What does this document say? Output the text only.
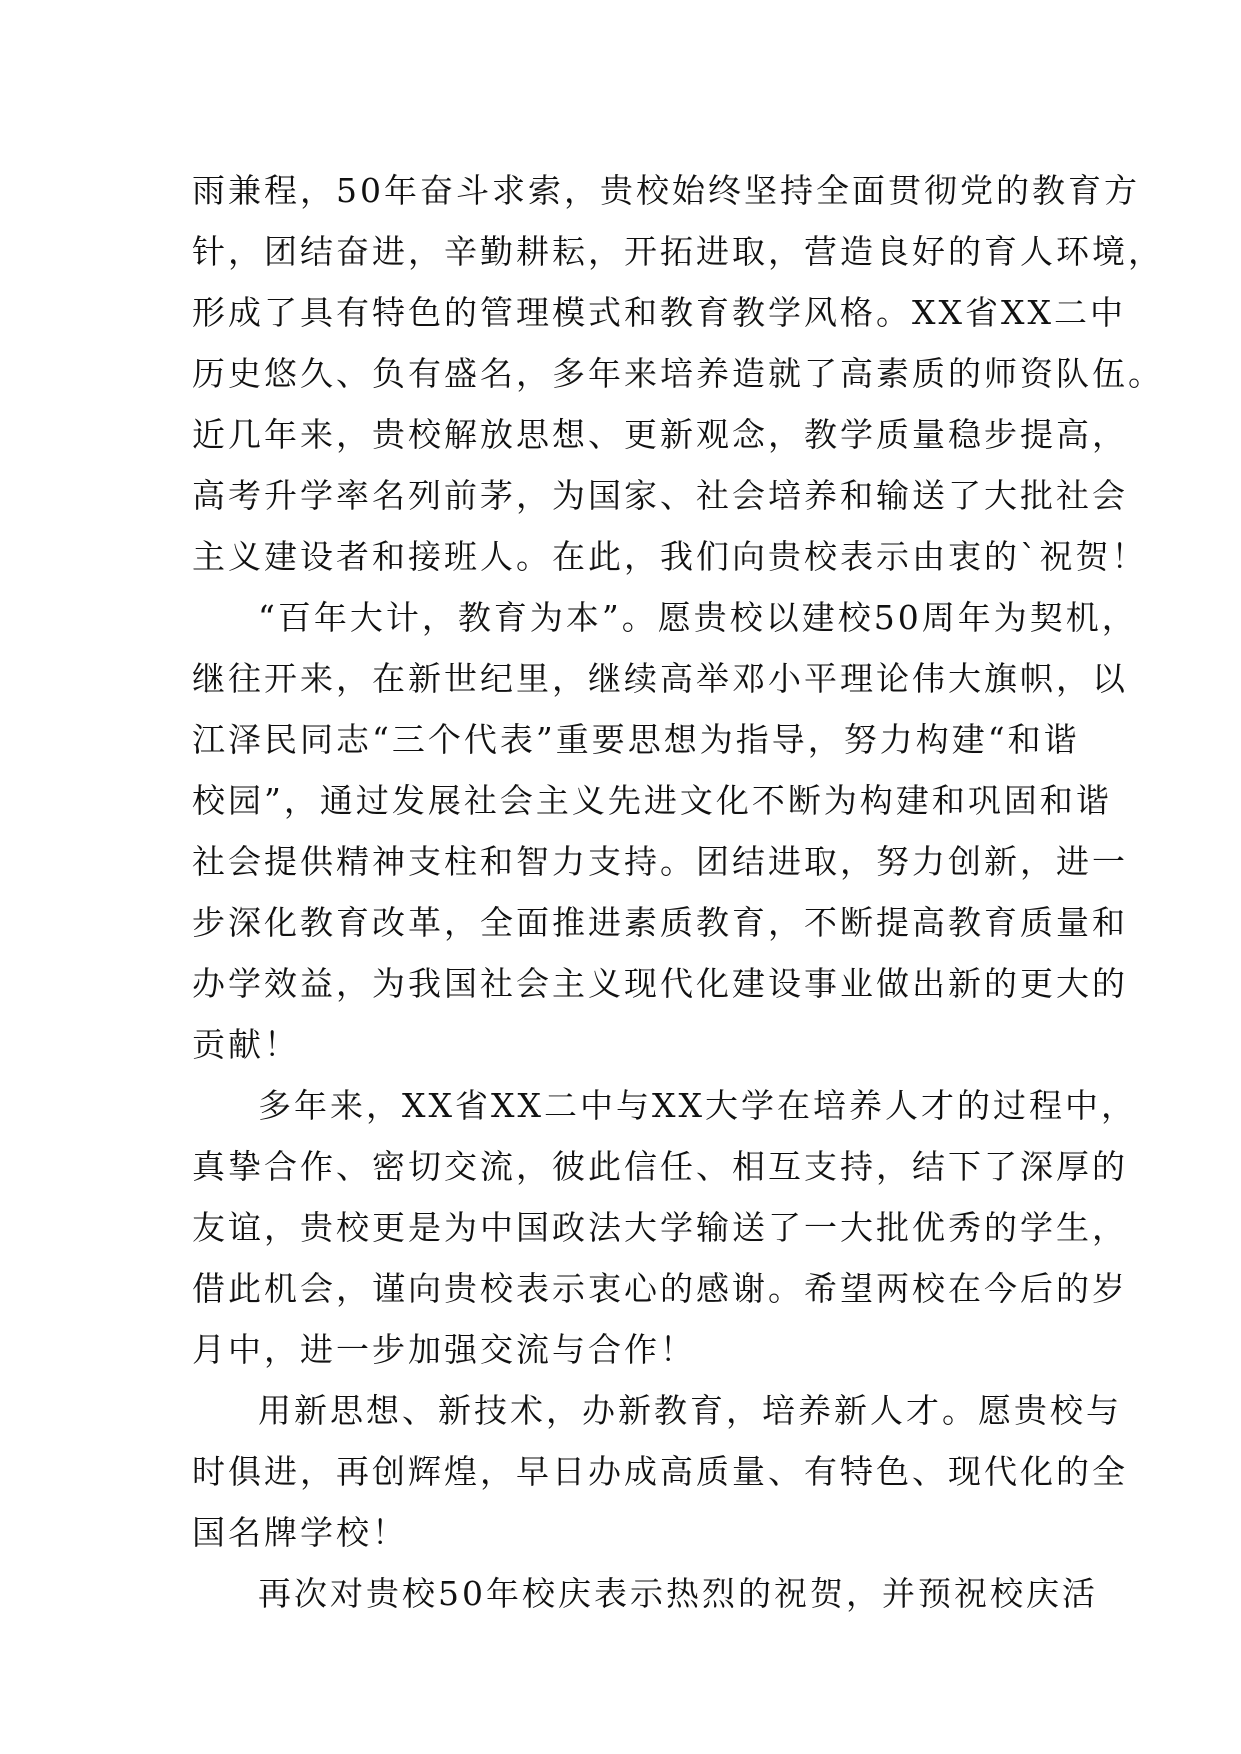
雨兼程，50年奋斗求索，贵校始终坚持全面贯彻党的教育方
针，团结奋进，辛勤耕耘，开拓进取，营造良好的育人环境，
形成了具有特色的管理模式和教育教学风格。XX省XX二中
历史悠久、负有盛名，多年来培养造就了高素质的师资队伍。
近几年来，贵校解放思想、更新观念，教学质量稳步提高，
高考升学率名列前茅，为国家、社会培养和输送了大批社会
主义建设者和接班人。在此，我们向贵校表示由衷的`祝贺！
“百年大计，教育为本”。愿贵校以建校50周年为契机，
继往开来，在新世纪里，继续高举邓小平理论伟大旗帜，以
江泽民同志“三个代表”重要思想为指导，努力构建“和谐
校园”，通过发展社会主义先进文化不断为构建和巩固和谐
社会提供精神支柱和智力支持。团结进取，努力创新，进一
步深化教育改革，全面推进素质教育，不断提高教育质量和
办学效益，为我国社会主义现代化建设事业做出新的更大的
贡献！
多年来，XX省XX二中与XX大学在培养人才的过程中，
真挚合作、密切交流，彼此信任、相互支持，结下了深厚的
友谊，贵校更是为中国政法大学输送了一大批优秀的学生，
借此机会，谨向贵校表示衷心的感谢。希望两校在今后的岁
月中，进一步加强交流与合作！
用新思想、新技术，办新教育，培养新人才。愿贵校与
时俱进，再创辉煌，早日办成高质量、有特色、现代化的全
国名牌学校！
再次对贵校50年校庆表示热烈的祝贺，并预祝校庆活
